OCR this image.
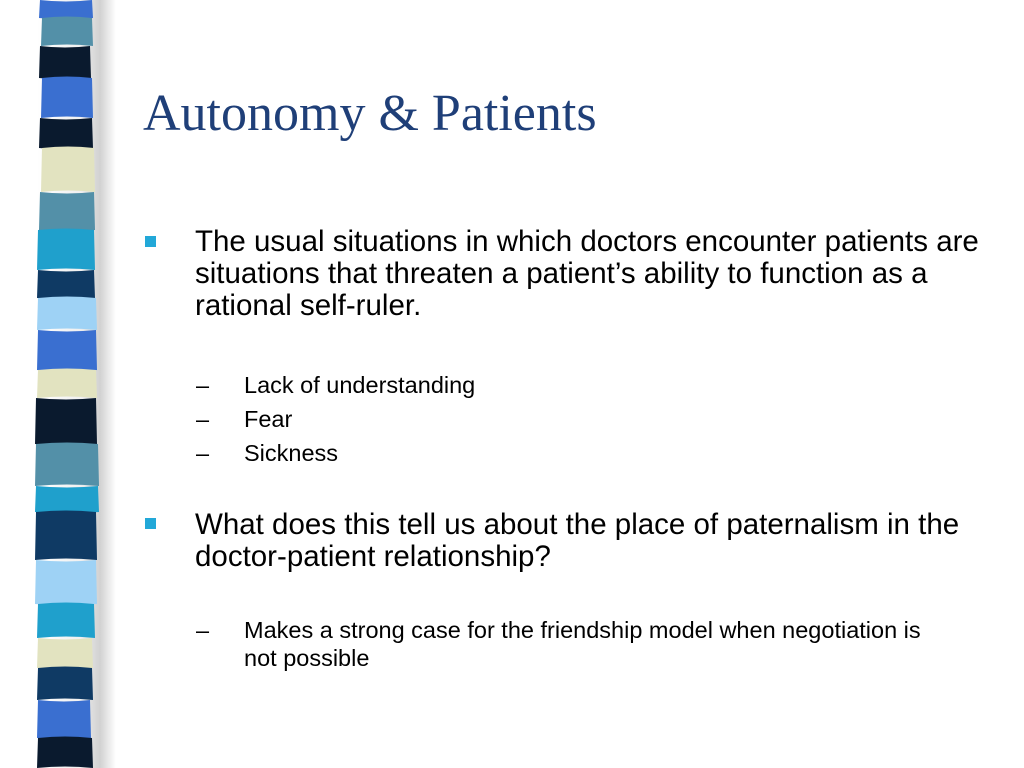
Autonomy & Patients
The usual situations in which doctors encounter patients are situations that threaten a patient’s ability to function as a rational self-ruler.
– Lack of understanding
– Fear
– Sickness
What does this tell us about the place of paternalism in the doctor-patient relationship?
– Makes a strong case for the friendship model when negotiation is not possible
